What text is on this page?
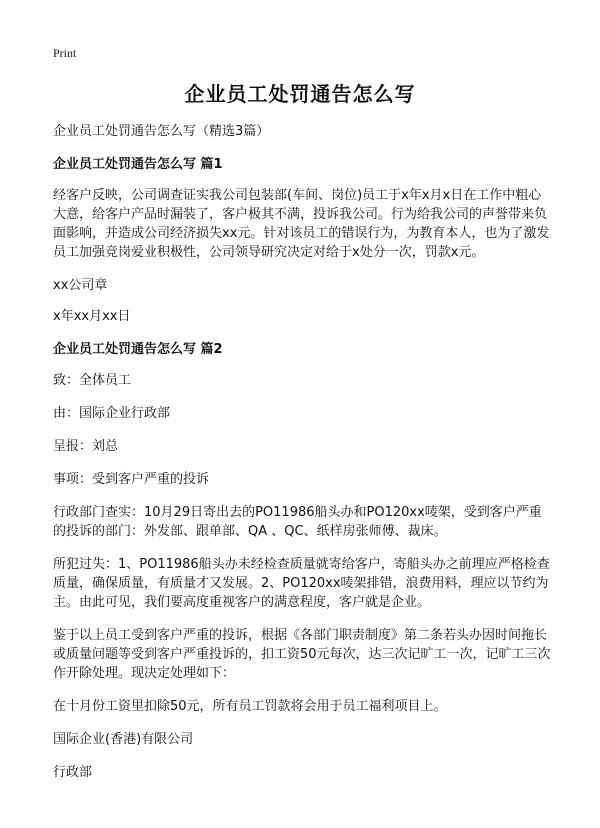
Print
企业员工处罚通告怎么写
企业员工处罚通告怎么写（精选3篇）
企业员工处罚通告怎么写 篇1
经客户反映，公司调查证实我公司包装部(车间、岗位)员工于x年x月x日在工作中粗心大意，给客户产品时漏装了，客户极其不满，投诉我公司。行为给我公司的声誉带来负面影响，并造成公司经济损失xx元。针对该员工的错误行为，为教育本人，也为了激发员工加强竞岗爱业积极性，公司领导研究决定对给于x处分一次，罚款x元。
xx公司章
x年xx月xx日
企业员工处罚通告怎么写 篇2
致：全体员工
由：国际企业行政部
呈报：刘总
事项：受到客户严重的投诉
行政部门查实：10月29日寄出去的PO11986船头办和PO120xx唛架，受到客户严重的投诉的部门：外发部、跟单部、QA 、QC、纸样房张师傅、裁床。
所犯过失：1、PO11986船头办未经检查质量就寄给客户，寄船头办之前理应严格检查质量，确保质量，有质量才又发展。2、PO120xx唛架排错，浪费用料，理应以节约为主。由此可见，我们要高度重视客户的满意程度，客户就是企业。
鉴于以上员工受到客户严重的投诉，根据《各部门职责制度》第二条若头办因时间拖长或质量问题等受到客户严重投诉的，扣工资50元每次，达三次记旷工一次，记旷工三次作开除处理。现决定处理如下：
在十月份工资里扣除50元，所有员工罚款将会用于员工福利项目上。
国际企业(香港)有限公司
行政部
